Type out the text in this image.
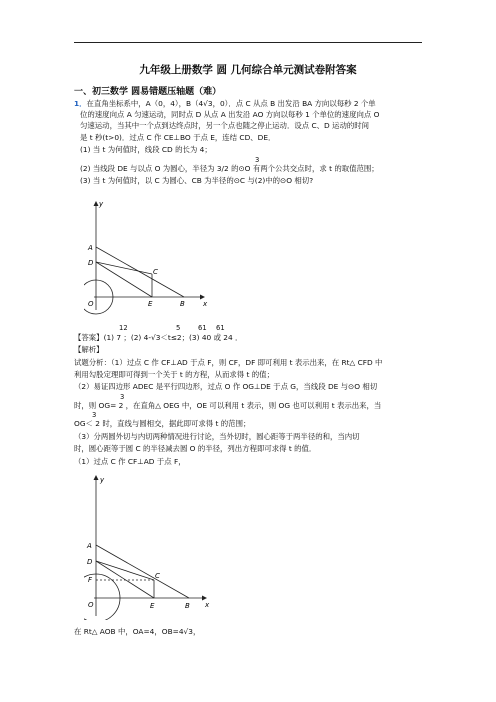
九年级上册数学 圆 几何综合单元测试卷附答案
一、初三数学 圆易错题压轴题（难）
1．在直角坐标系中，A（0，4），B（4√3，0）．点 C 从点 B 出发沿 BA 方向以每秒 2 个单
位的速度向点 A 匀速运动，同时点 D 从点 A 出发沿 AO 方向以每秒 1 个单位的速度向点 O
匀速运动，当其中一个点到达终点时，另一个点也随之停止运动．设点 C、D 运动的时间
是 t 秒(t>0)．过点 C 作 CE⊥BO 于点 E，连结 CD、DE．
(1) 当 t 为何值时，线段 CD 的长为 4；
3
(2) 当线段 DE 与以点 O 为圆心，半径为 3/2 的⊙O 有两个公共交点时，求 t 的取值范围；
(3) 当 t 为何值时，以 C 为圆心、CB 为半径的⊙C 与(2)中的⊙O 相切?
y
x
A
D
C
O	E	B
12	5	61 61
【答案】(1) 7 ；(2) 4-√3＜t≤2；(3) 40 或 24 ．
【解析】
试题分析：（1）过点 C 作 CF⊥AD 于点 F，则 CF，DF 即可利用 t 表示出来，在 Rt△ CFD 中
利用勾股定理即可得到一个关于 t 的方程，从而求得 t 的值；
（2）易证四边形 ADEC 是平行四边形，过点 O 作 OG⊥DE 于点 G，当线段 DE 与⊙O 相切
3
时，则 OG= 2 ，在直角△ OEG 中，OE 可以利用 t 表示，则 OG 也可以利用 t 表示出来，当
3
OG＜ 2 时，直线与圆相交，据此即可求得 t 的范围；
（3）分两圆外切与内切两种情况进行讨论，当外切时，圆心距等于两半径的和，当内切
时，圆心距等于圆 C 的半径减去圆 O 的半径，列出方程即可求得 t 的值．
（1）过点 C 作 CF⊥AD 于点 F，
y
x
A
D
F	C
O	E	B
在 Rt△ AOB 中，OA=4，OB=4√3，
